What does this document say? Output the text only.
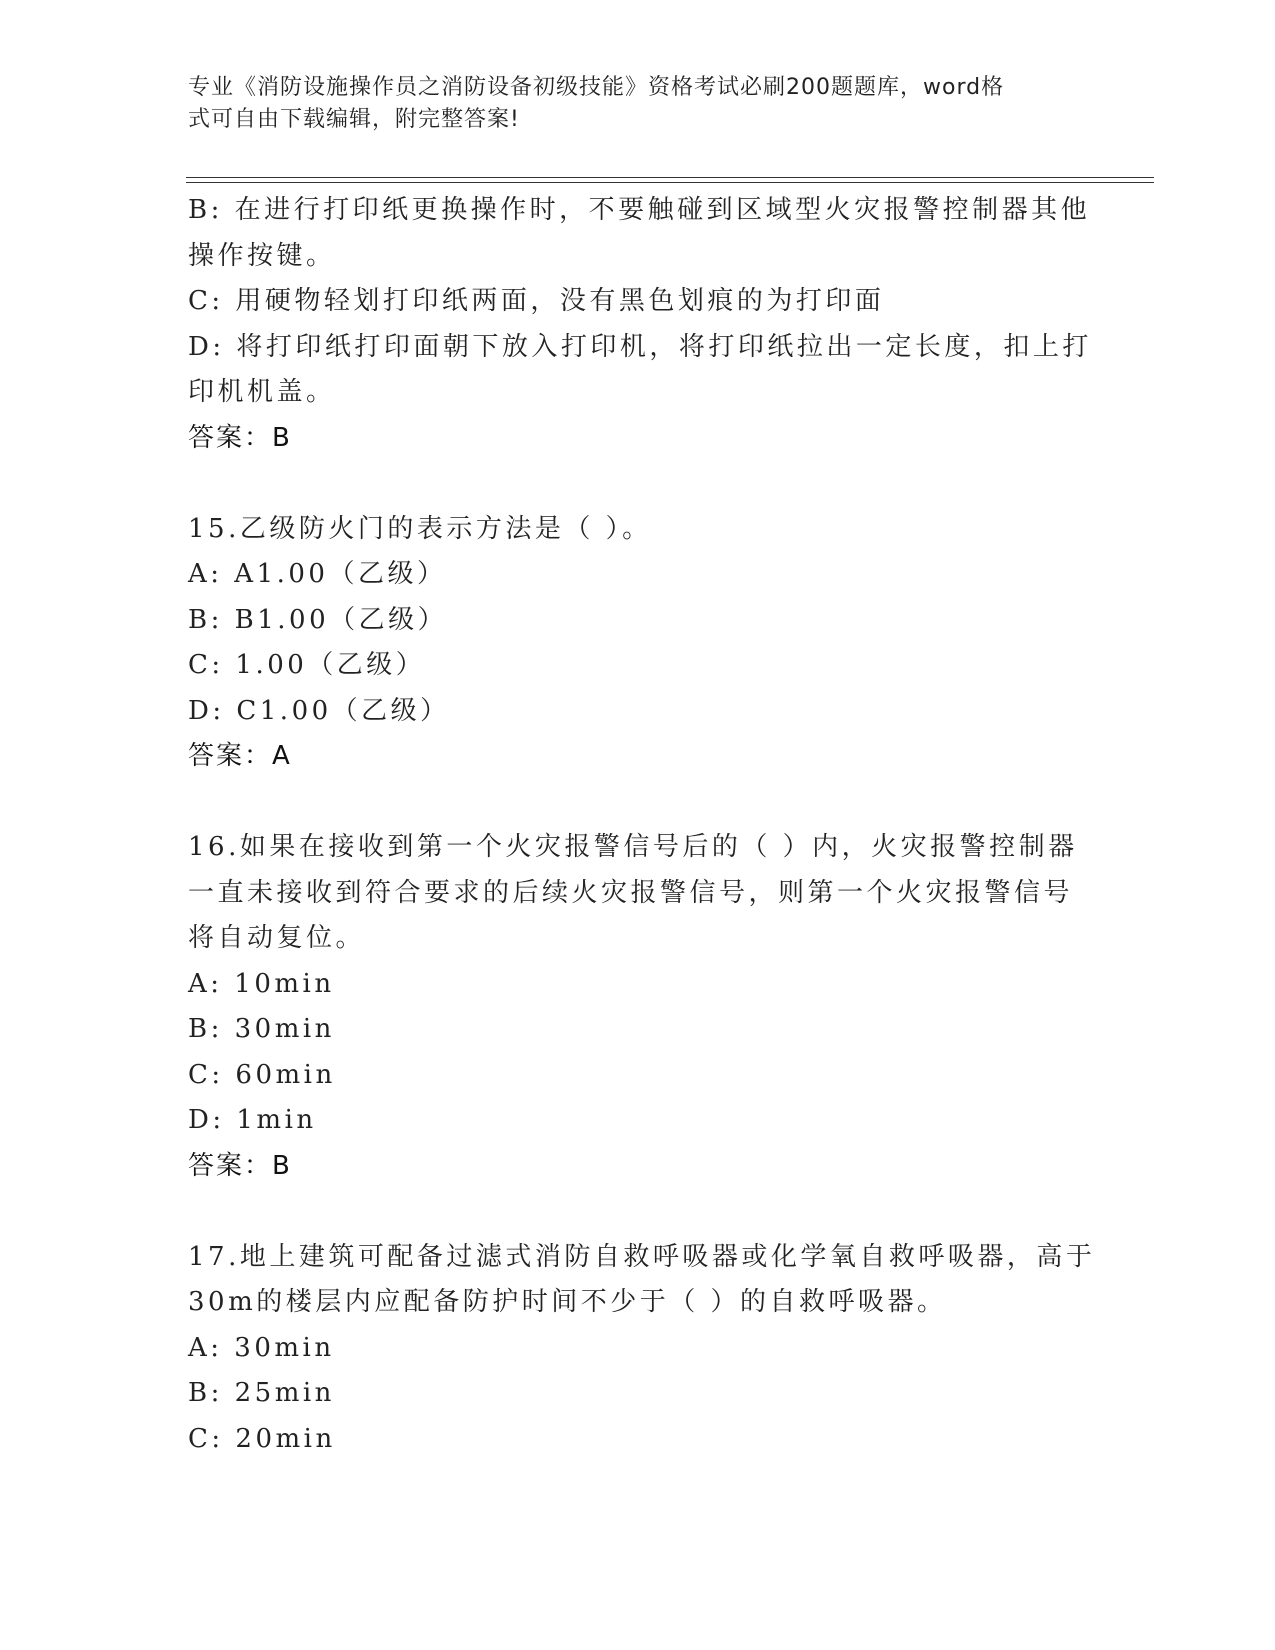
专业《消防设施操作员之消防设备初级技能》资格考试必刷200题题库，word格
式可自由下载编辑，附完整答案!
B: 在进行打印纸更换操作时，不要触碰到区域型火灾报警控制器其他
操作按键。
C: 用硬物轻划打印纸两面，没有黑色划痕的为打印面
D: 将打印纸打印面朝下放入打印机，将打印纸拉出一定长度，扣上打
印机机盖。
答案：B
15.乙级防火门的表示方法是（ ）。
A: A1.00（乙级）
B: B1.00（乙级）
C: 1.00（乙级）
D: C1.00（乙级）
答案：A
16.如果在接收到第一个火灾报警信号后的（ ）内，火灾报警控制器
一直未接收到符合要求的后续火灾报警信号，则第一个火灾报警信号
将自动复位。
A: 10min
B: 30min
C: 60min
D: 1min
答案：B
17.地上建筑可配备过滤式消防自救呼吸器或化学氧自救呼吸器，高于
30m的楼层内应配备防护时间不少于（ ）的自救呼吸器。
A: 30min
B: 25min
C: 20min
